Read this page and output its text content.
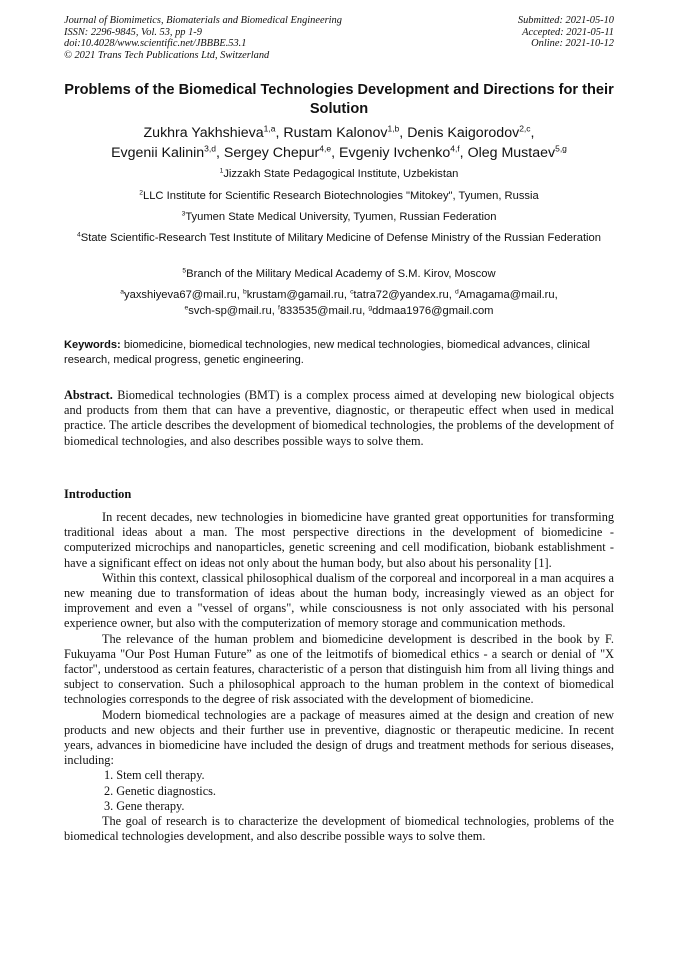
Journal of Biomimetics, Biomaterials and Biomedical Engineering
ISSN: 2296-9845, Vol. 53, pp 1-9
doi:10.4028/www.scientific.net/JBBBE.53.1
© 2021 Trans Tech Publications Ltd, Switzerland
Submitted: 2021-05-10
Accepted: 2021-05-11
Online: 2021-10-12
Problems of the Biomedical Technologies Development and Directions for their Solution
Zukhra Yakhshieva$^{1,a}$, Rustam Kalonov$^{1,b}$, Denis Kaigorodov$^{2,c}$,
Evgenii Kalinin$^{3,d}$, Sergey Chepur$^{4,e}$, Evgeniy Ivchenko$^{4,f}$, Oleg Mustaev$^{5,g}$
$^1$Jizzakh State Pedagogical Institute, Uzbekistan
$^2$LLC Institute for Scientific Research Biotechnologies "Mitokey", Tyumen, Russia
$^3$Tyumen State Medical University, Tyumen, Russian Federation
$^4$State Scientific-Research Test Institute of Military Medicine of Defense Ministry of the Russian Federation
$^5$Branch of the Military Medical Academy of S.M. Kirov, Moscow
$^a$yaxshiyeva67@mail.ru, $^b$krustam@gamail.ru, $^c$tatra72@yandex.ru, $^d$Amagama@mail.ru,
$^e$svch-sp@mail.ru, $^f$833535@mail.ru, $^g$ddmaa1976@gmail.com
Keywords: biomedicine, biomedical technologies, new medical technologies, biomedical advances, clinical research, medical progress, genetic engineering.
Abstract. Biomedical technologies (BMT) is a complex process aimed at developing new biological objects and products from them that can have a preventive, diagnostic, or therapeutic effect when used in medical practice. The article describes the development of biomedical technologies, the problems of the development of biomedical technologies, and also describes possible ways to solve them.
Introduction

In recent decades, new technologies in biomedicine have granted great opportunities for transforming traditional ideas about a man. The most perspective directions in the development of biomedicine - computerized microchips and nanoparticles, genetic screening and cell modification, biobank establishment - have a significant effect on ideas not only about the human body, but also about his personality [1].

Within this context, classical philosophical dualism of the corporeal and incorporeal in a man acquires a new meaning due to transformation of ideas about the human body, increasingly viewed as an object for improvement and even a "vessel of organs", while consciousness is not only associated with his personal experience owner, but also with the computerization of memory storage and communication methods.

The relevance of the human problem and biomedicine development is described in the book by F. Fukuyama "Our Post Human Future” as one of the leitmotifs of biomedical ethics - a search or denial of "X factor", understood as certain features, characteristic of a person that distinguish him from all living things and subject to conservation. Such a philosophical approach to the human problem in the context of biomedical technologies corresponds to the degree of risk associated with the development of biomedicine.

Modern biomedical technologies are a package of measures aimed at the design and creation of new products and new objects and their further use in preventive, diagnostic or therapeutic medicine. In recent years, advances in biomedicine have included the design of drugs and treatment methods for serious diseases, including:

1. Stem cell therapy.
2. Genetic diagnostics.
3. Gene therapy.

The goal of research is to characterize the development of biomedical technologies, problems of the biomedical technologies development, and also describe possible ways to solve them.
